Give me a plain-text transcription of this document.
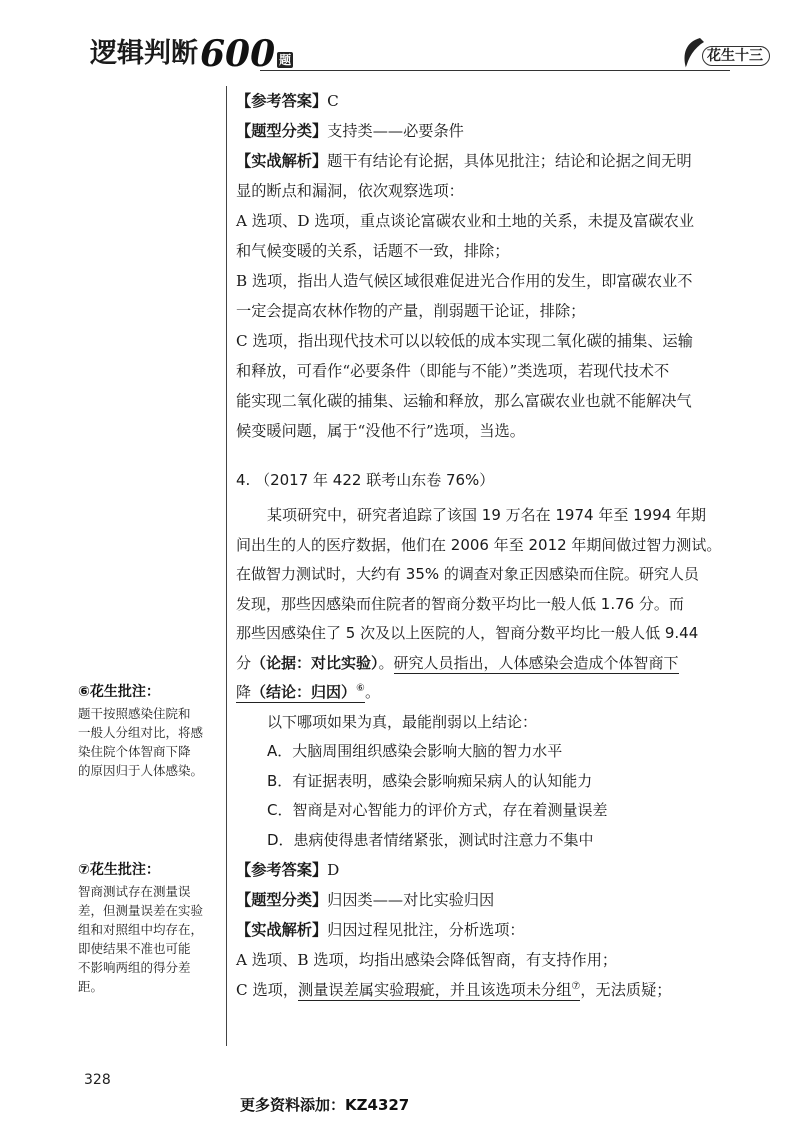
逻辑判断 600 题	花生十三
⑥花生批注：
题干按照感染住院和
一般人分组对比，将感
染住院个体智商下降
的原因归于人体感染。
⑦花生批注：
智商测试存在测量误
差，但测量误差在实验
组和对照组中均存在，
即使结果不准也可能
不影响两组的得分差
距。
【参考答案】C
【题型分类】支持类——必要条件
【实战解析】题干有结论有论据，具体见批注；结论和论据之间无明
显的断点和漏洞，依次观察选项：
A 选项、D 选项，重点谈论富碳农业和土地的关系，未提及富碳农业
和气候变暖的关系，话题不一致，排除；
B 选项，指出人造气候区域很难促进光合作用的发生，即富碳农业不
一定会提高农林作物的产量，削弱题干论证，排除；
C 选项，指出现代技术可以以较低的成本实现二氧化碳的捕集、运输
和释放，可看作“必要条件（即能与不能）”类选项，若现代技术不
能实现二氧化碳的捕集、运输和释放，那么富碳农业也就不能解决气
候变暖问题，属于“没他不行”选项，当选。
4. （2017 年 422 联考山东卷 76%）
某项研究中，研究者追踪了该国 19 万名在 1974 年至 1994 年期
间出生的人的医疗数据，他们在 2006 年至 2012 年期间做过智力测试。
在做智力测试时，大约有 35% 的调查对象正因感染而住院。研究人员
发现，那些因感染而住院者的智商分数平均比一般人低 1.76 分。而
那些因感染住了 5 次及以上医院的人，智商分数平均比一般人低 9.44
分（论据：对比实验）。研究人员指出，人体感染会造成个体智商下
降（结论：归因）⑥。
以下哪项如果为真，最能削弱以上结论：
A．大脑周围组织感染会影响大脑的智力水平
B．有证据表明，感染会影响痴呆病人的认知能力
C．智商是对心智能力的评价方式，存在着测量误差
D．患病使得患者情绪紧张，测试时注意力不集中
【参考答案】D
【题型分类】归因类——对比实验归因
【实战解析】归因过程见批注，分析选项：
A 选项、B 选项，均指出感染会降低智商，有支持作用；
C 选项，测量误差属实验瑕疵，并且该选项未分组⑦，无法质疑；
328
更多资料添加：KZ4327
